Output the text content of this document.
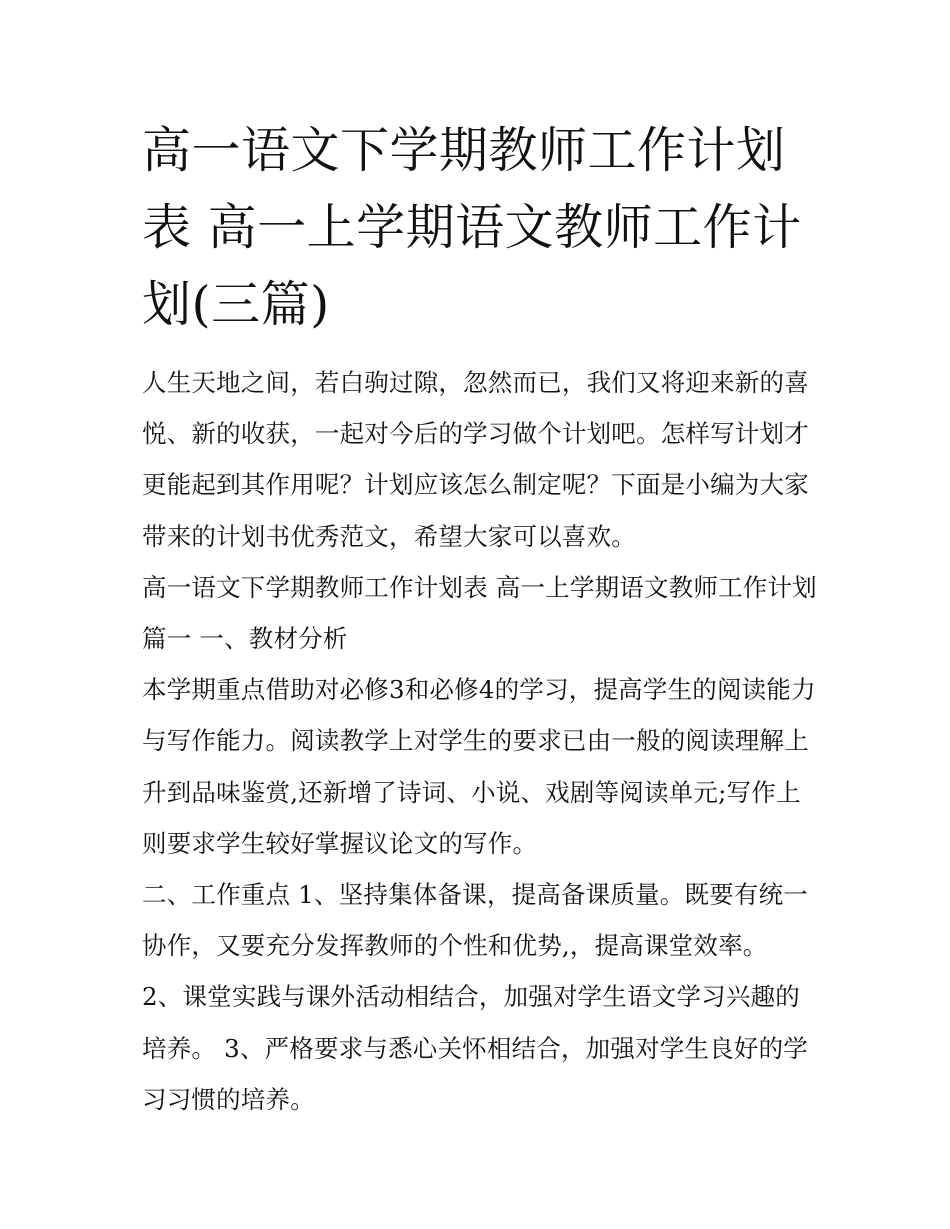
高一语文下学期教师工作计划表 高一上学期语文教师工作计划(三篇)

人生天地之间，若白驹过隙，忽然而已，我们又将迎来新的喜悦、新的收获，一起对今后的学习做个计划吧。怎样写计划才更能起到其作用呢？计划应该怎么制定呢？下面是小编为大家带来的计划书优秀范文，希望大家可以喜欢。

高一语文下学期教师工作计划表 高一上学期语文教师工作计划篇一 一、教材分析

本学期重点借助对必修3和必修4的学习，提高学生的阅读能力与写作能力。阅读教学上对学生的要求已由一般的阅读理解上升到品味鉴赏,还新增了诗词、小说、戏剧等阅读单元;写作上则要求学生较好掌握议论文的写作。

二、工作重点 1、坚持集体备课，提高备课质量。既要有统一协作，又要充分发挥教师的个性和优势,，提高课堂效率。

2、课堂实践与课外活动相结合，加强对学生语文学习兴趣的培养。 3、严格要求与悉心关怀相结合，加强对学生良好的学习习惯的培养。
